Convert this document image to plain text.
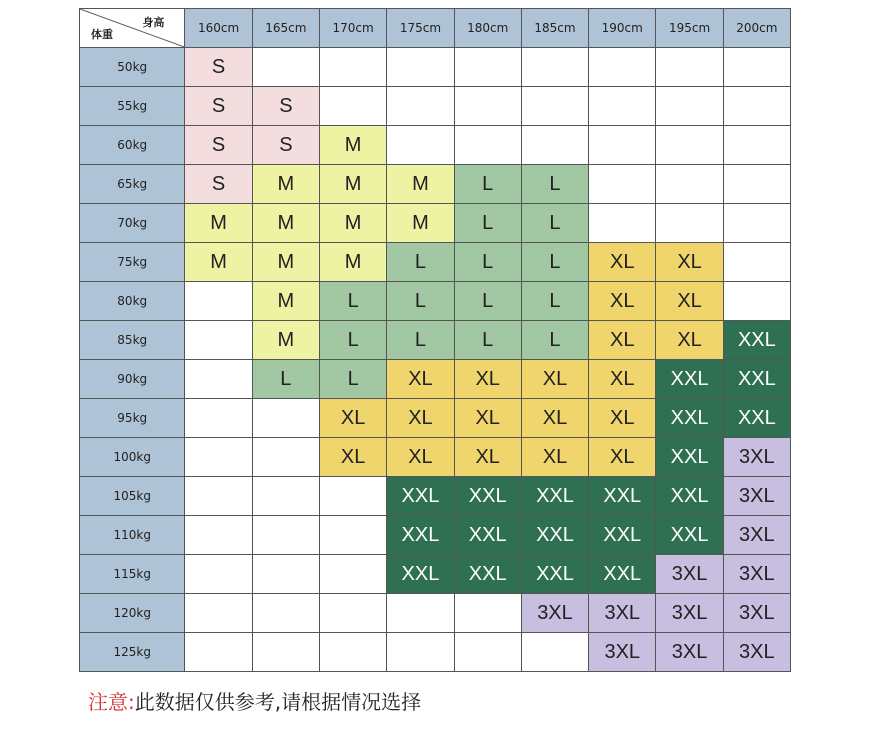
身高
体重	160cm	165cm	170cm	175cm	180cm	185cm	190cm	195cm	200cm
50kg	S								
55kg	S	S							
60kg	S	S	M						
65kg	S	M	M	M	L	L			
70kg	M	M	M	M	L	L			
75kg	M	M	M	L	L	L	XL	XL	
80kg		M	L	L	L	L	XL	XL	
85kg		M	L	L	L	L	XL	XL	XXL
90kg		L	L	XL	XL	XL	XL	XXL	XXL
95kg			XL	XL	XL	XL	XL	XXL	XXL
100kg			XL	XL	XL	XL	XL	XXL	3XL
105kg				XXL	XXL	XXL	XXL	XXL	3XL
110kg				XXL	XXL	XXL	XXL	XXL	3XL
115kg				XXL	XXL	XXL	XXL	3XL	3XL
120kg						3XL	3XL	3XL	3XL
125kg							3XL	3XL	3XL
注意:此数据仅供参考,请根据情况选择
